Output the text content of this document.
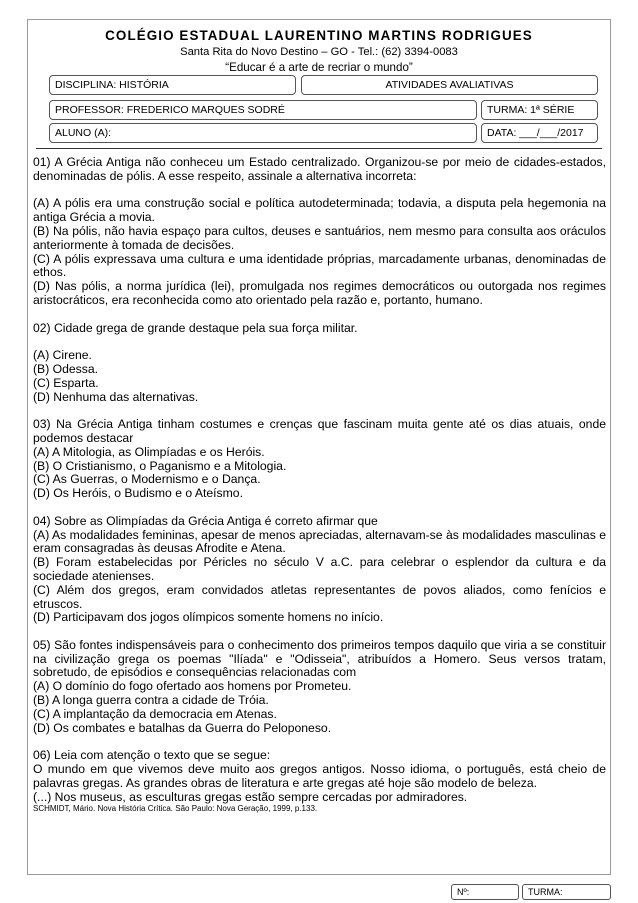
COLÉGIO ESTADUAL LAURENTINO MARTINS RODRIGUES
Santa Rita do Novo Destino – GO - Tel.: (62) 3394-0083
“Educar é a arte de recriar o mundo”
DISCIPLINA: HISTÓRIA	ATIVIDADES AVALIATIVAS
PROFESSOR: FREDERICO MARQUES SODRÉ	TURMA: 1ª SÉRIE
ALUNO (A):	DATA: ___/___/2017

01) A Grécia Antiga não conheceu um Estado centralizado. Organizou-se por meio de cidades-estados, denominadas de pólis. A esse respeito, assinale a alternativa incorreta:

(A) A pólis era uma construção social e política autodeterminada; todavia, a disputa pela hegemonia na antiga Grécia a movia.

(B) Na pólis, não havia espaço para cultos, deuses e santuários, nem mesmo para consulta aos oráculos anteriormente à tomada de decisões.

(C) A pólis expressava uma cultura e uma identidade próprias, marcadamente urbanas, denominadas de ethos.

(D) Nas pólis, a norma jurídica (lei), promulgada nos regimes democráticos ou outorgada nos regimes aristocráticos, era reconhecida como ato orientado pela razão e, portanto, humano.

02) Cidade grega de grande destaque pela sua força militar.

(A) Cirene.

(B) Odessa.

(C) Esparta.

(D) Nenhuma das alternativas.

03) Na Grécia Antiga tinham costumes e crenças que fascinam muita gente até os dias atuais, onde podemos destacar

(A) A Mitologia, as Olimpíadas e os Heróis.

(B) O Cristianismo, o Paganismo e a Mitologia.

(C) As Guerras, o Modernismo e o Dança.

(D) Os Heróis, o Budismo e o Ateísmo.

04) Sobre as Olimpíadas da Grécia Antiga é correto afirmar que

(A) As modalidades femininas, apesar de menos apreciadas, alternavam-se às modalidades masculinas e eram consagradas às deusas Afrodite e Atena.

(B) Foram estabelecidas por Péricles no século V a.C. para celebrar o esplendor da cultura e da sociedade atenienses.

(C) Além dos gregos, eram convidados atletas representantes de povos aliados, como fenícios e etruscos.

(D) Participavam dos jogos olímpicos somente homens no início.

05) São fontes indispensáveis para o conhecimento dos primeiros tempos daquilo que viria a se constituir na civilização grega os poemas "Ilíada" e "Odisseia", atribuídos a Homero. Seus versos tratam, sobretudo, de episódios e consequências relacionadas com

(A) O domínio do fogo ofertado aos homens por Prometeu.

(B) A longa guerra contra a cidade de Tróia.

(C) A implantação da democracia em Atenas.

(D) Os combates e batalhas da Guerra do Peloponeso.

06) Leia com atenção o texto que se segue:

O mundo em que vivemos deve muito aos gregos antigos. Nosso idioma, o português, está cheio de palavras gregas. As grandes obras de literatura e arte gregas até hoje são modelo de beleza.

(...) Nos museus, as esculturas gregas estão sempre cercadas por admiradores.

SCHMIDT, Mário. Nova História Crítica. São Paulo: Nova Geração, 1999, p.133.

Nº:	TURMA:
